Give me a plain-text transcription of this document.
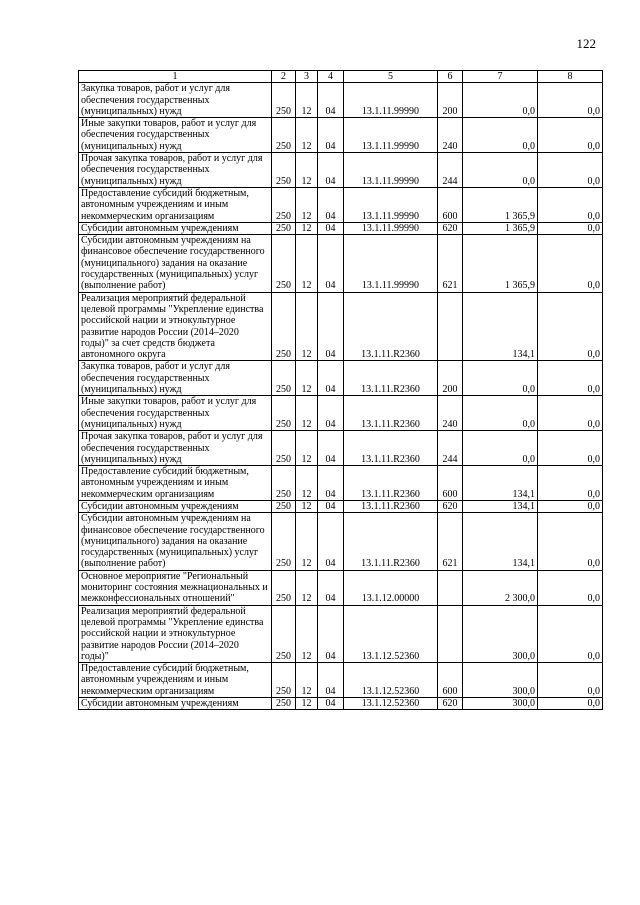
122
1	2	3	4	5	6	7	8
Закупка товаров, работ и услуг для обеспечения государственных (муниципальных) нужд	250	12	04	13.1.11.99990	200	0,0	0,0
Иные закупки товаров, работ и услуг для обеспечения государственных (муниципальных) нужд	250	12	04	13.1.11.99990	240	0,0	0,0
Прочая закупка товаров, работ и услуг для обеспечения государственных (муниципальных) нужд	250	12	04	13.1.11.99990	244	0,0	0,0
Предоставление субсидий бюджетным, автономным учреждениям и иным некоммерческим организациям	250	12	04	13.1.11.99990	600	1 365,9	0,0
Субсидии автономным учреждениям	250	12	04	13.1.11.99990	620	1 365,9	0,0
Субсидии автономным учреждениям на финансовое обеспечение государственного (муниципального) задания на оказание государственных (муниципальных) услуг (выполнение работ)	250	12	04	13.1.11.99990	621	1 365,9	0,0
Реализация мероприятий федеральной целевой программы "Укрепление единства российской нации и этнокультурное развитие народов России (2014–2020 годы)" за счет средств бюджета автономного округа	250	12	04	13.1.11.R2360		134,1	0,0
Закупка товаров, работ и услуг для обеспечения государственных (муниципальных) нужд	250	12	04	13.1.11.R2360	200	0,0	0,0
Иные закупки товаров, работ и услуг для обеспечения государственных (муниципальных) нужд	250	12	04	13.1.11.R2360	240	0,0	0,0
Прочая закупка товаров, работ и услуг для обеспечения государственных (муниципальных) нужд	250	12	04	13.1.11.R2360	244	0,0	0,0
Предоставление субсидий бюджетным, автономным учреждениям и иным некоммерческим организациям	250	12	04	13.1.11.R2360	600	134,1	0,0
Субсидии автономным учреждениям	250	12	04	13.1.11.R2360	620	134,1	0,0
Субсидии автономным учреждениям на финансовое обеспечение государственного (муниципального) задания на оказание государственных (муниципальных) услуг (выполнение работ)	250	12	04	13.1.11.R2360	621	134,1	0,0
Основное мероприятие "Региональный мониторинг состояния межнациональных и межконфессиональных отношений"	250	12	04	13.1.12.00000		2 300,0	0,0
Реализация мероприятий федеральной целевой программы "Укрепление единства российской нации и этнокультурное развитие народов России (2014–2020 годы)"	250	12	04	13.1.12.52360		300,0	0,0
Предоставление субсидий бюджетным, автономным учреждениям и иным некоммерческим организациям	250	12	04	13.1.12.52360	600	300,0	0,0
Субсидии автономным учреждениям	250	12	04	13.1.12.52360	620	300,0	0,0
